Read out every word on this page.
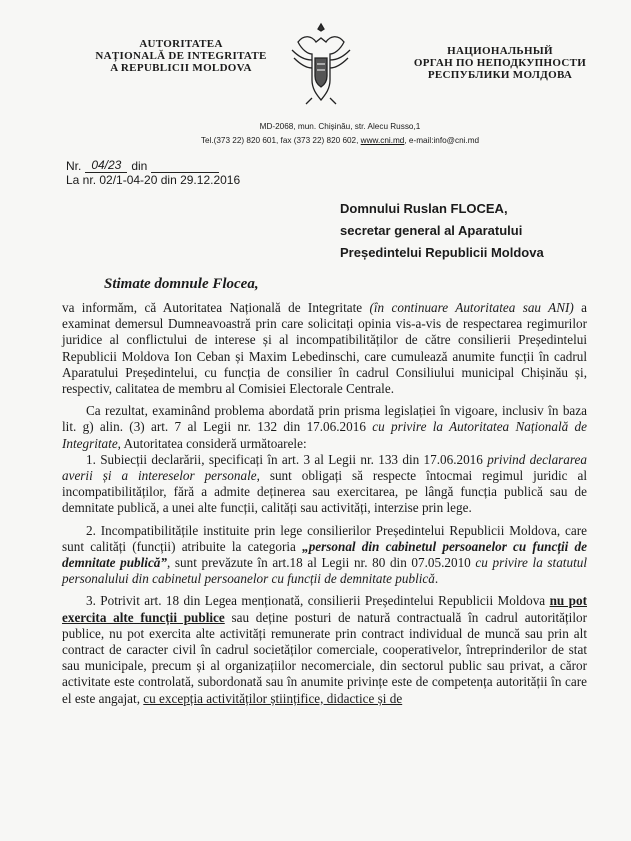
AUTORITATEA
NAȚIONALĂ DE INTEGRITATE
A REPUBLICII MOLDOVA
НАЦИОНАЛЬНЫЙ
ОРГАН ПО НЕПОДКУПНОСТИ
РЕСПУБЛИКИ МОЛДОВА
MD-2068, mun. Chișinău, str. Alecu Russo,1
Tel.(373 22) 820 601, fax (373 22) 820 602, www.cni.md, e-mail:info@cni.md
Nr. 04/23 din
La nr. 02/1-04-20 din 29.12.2016
Domnului Ruslan FLOCEA,
secretar general al Aparatului
Președintelui Republicii Moldova
Stimate domnule Flocea,

va informăm, că Autoritatea Națională de Integritate (în continuare Autoritatea sau ANI) a examinat demersul Dumneavoastră prin care solicitați opinia vis-a-vis de respectarea regimurilor juridice al conflictului de interese și al incompatibilităților de către consilierii Președintelui Republicii Moldova Ion Ceban și Maxim Lebedinschi, care cumulează anumite funcții în cadrul Aparatului Președintelui, cu funcția de consilier în cadrul Consiliului municipal Chișinău și, respectiv, calitatea de membru al Comisiei Electorale Centrale.

Ca rezultat, examinând problema abordată prin prisma legislației în vigoare, inclusiv în baza lit. g) alin. (3) art. 7 al Legii nr. 132 din 17.06.2016 cu privire la Autoritatea Națională de Integritate, Autoritatea consideră următoarele:

1. Subiecții declarării, specificați în art. 3 al Legii nr. 133 din 17.06.2016 privind declararea averii și a intereselor personale, sunt obligați să respecte întocmai regimul juridic al incompatibilităților, fără a admite deținerea sau exercitarea, pe lângă funcția publică sau de demnitate publică, a unei alte funcții, calități sau activități, interzise prin lege.

2. Incompatibilitățile instituite prin lege consilierilor Președintelui Republicii Moldova, care sunt calități (funcții) atribuite la categoria „personal din cabinetul persoanelor cu funcții de demnitate publică”, sunt prevăzute în art.18 al Legii nr. 80 din 07.05.2010 cu privire la statutul personalului din cabinetul persoanelor cu funcții de demnitate publică.

3. Potrivit art. 18 din Legea menționată, consilierii Președintelui Republicii Moldova nu pot exercita alte funcții publice sau deține posturi de natură contractuală în cadrul autorităților publice, nu pot exercita alte activități remunerate prin contract individual de muncă sau prin alt contract de caracter civil în cadrul societăților comerciale, cooperativelor, întreprinderilor de stat sau municipale, precum și al organizațiilor necomerciale, din sectorul public sau privat, a căror activitate este controlată, subordonată sau în anumite privințe este de competența autorității în care el este angajat, cu excepția activităților științifice, didactice și de
